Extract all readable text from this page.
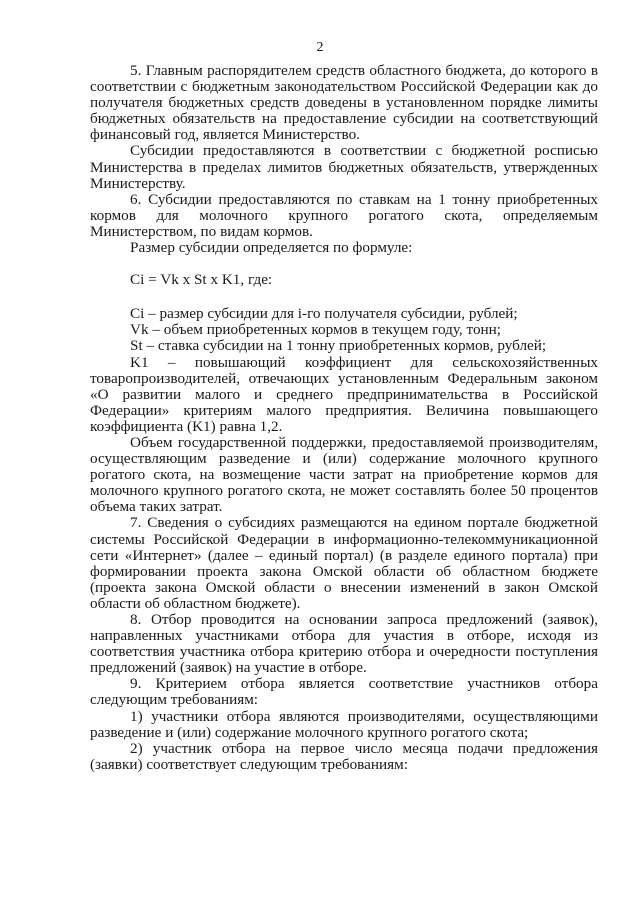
2

5. Главным распорядителем средств областного бюджета, до которого в соответствии с бюджетным законодательством Российской Федерации как до получателя бюджетных средств доведены в установленном порядке лимиты бюджетных обязательств на предоставление субсидии на соответствующий финансовый год, является Министерство.

Субсидии предоставляются в соответствии с бюджетной росписью Министерства в пределах лимитов бюджетных обязательств, утвержденных Министерству.

6. Субсидии предоставляются по ставкам на 1 тонну приобретенных кормов для молочного крупного рогатого скота, определяемым Министерством, по видам кормов.

Размер субсидии определяется по формуле:

Ci = Vk x St x K1, где:

Ci – размер субсидии для i-го получателя субсидии, рублей;

Vk – объем приобретенных кормов в текущем году, тонн;

St – ставка субсидии на 1 тонну приобретенных кормов, рублей;

K1 – повышающий коэффициент для сельскохозяйственных товаропроизводителей, отвечающих установленным Федеральным законом «О развитии малого и среднего предпринимательства в Российской Федерации» критериям малого предприятия. Величина повышающего коэффициента (K1) равна 1,2.

Объем государственной поддержки, предоставляемой производителям, осуществляющим разведение и (или) содержание молочного крупного рогатого скота, на возмещение части затрат на приобретение кормов для молочного крупного рогатого скота, не может составлять более 50 процентов объема таких затрат.

7. Сведения о субсидиях размещаются на едином портале бюджетной системы Российской Федерации в информационно-телекоммуникационной сети «Интернет» (далее – единый портал) (в разделе единого портала) при формировании проекта закона Омской области об областном бюджете (проекта закона Омской области о внесении изменений в закон Омской области об областном бюджете).

8. Отбор проводится на основании запроса предложений (заявок), направленных участниками отбора для участия в отборе, исходя из соответствия участника отбора критерию отбора и очередности поступления предложений (заявок) на участие в отборе.

9. Критерием отбора является соответствие участников отбора следующим требованиям:

1) участники отбора являются производителями, осуществляющими разведение и (или) содержание молочного крупного рогатого скота;

2) участник отбора на первое число месяца подачи предложения (заявки) соответствует следующим требованиям:
